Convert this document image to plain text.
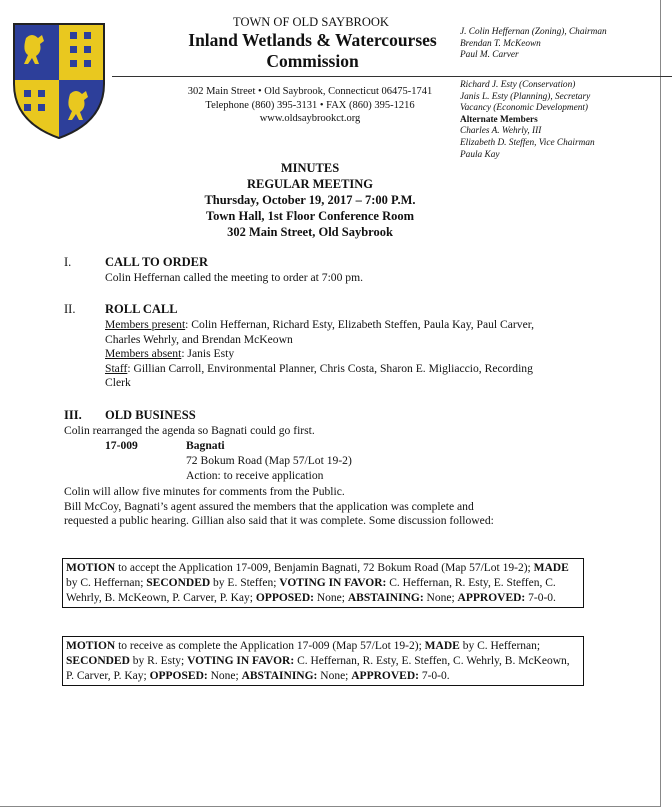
TOWN OF OLD SAYBROOK
Inland Wetlands & Watercourses
Commission
302 Main Street • Old Saybrook, Connecticut 06475-1741
Telephone (860) 395-3131 • FAX (860) 395-1216
www.oldsaybrookct.org
J. Colin Heffernan (Zoning), Chairman
Brendan T. McKeown
Paul M. Carver
Richard J. Esty (Conservation)
Janis L. Esty (Planning), Secretary
Vacancy (Economic Development)
Alternate Members
Charles A. Wehrly, III
Elizabeth D. Steffen, Vice Chairman
Paula Kay
MINUTES
REGULAR MEETING
Thursday, October 19, 2017 – 7:00 P.M.
Town Hall, 1st Floor Conference Room
302 Main Street, Old Saybrook
I.	CALL TO ORDER
Colin Heffernan called the meeting to order at 7:00 pm.
II. ROLL CALL
Members present: Colin Heffernan, Richard Esty, Elizabeth Steffen, Paula Kay, Paul Carver,
Charles Wehrly, and Brendan McKeown
Members absent: Janis Esty
Staff: Gillian Carroll, Environmental Planner, Chris Costa, Sharon E. Migliaccio, Recording
Clerk
III. OLD BUSINESS
Colin rearranged the agenda so Bagnati could go first.
17-009	Bagnati
72 Bokum Road (Map 57/Lot 19-2)
Action: to receive application
Colin will allow five minutes for comments from the Public.
Bill McCoy, Bagnati’s agent assured the members that the application was complete and
requested a public hearing. Gillian also said that it was complete. Some discussion followed:
MOTION to accept the Application 17-009, Benjamin Bagnati, 72 Bokum Road (Map 57/Lot 19-2); MADE by C. Heffernan; SECONDED by E. Steffen; VOTING IN FAVOR: C. Heffernan, R. Esty, E. Steffen, C. Wehrly, B. McKeown, P. Carver, P. Kay; OPPOSED: None; ABSTAINING: None; APPROVED: 7-0-0.
MOTION to receive as complete the Application 17-009 (Map 57/Lot 19-2); MADE by C. Heffernan; SECONDED by R. Esty; VOTING IN FAVOR: C. Heffernan, R. Esty, E. Steffen, C. Wehrly, B. McKeown, P. Carver, P. Kay; OPPOSED: None; ABSTAINING: None; APPROVED: 7-0-0.
